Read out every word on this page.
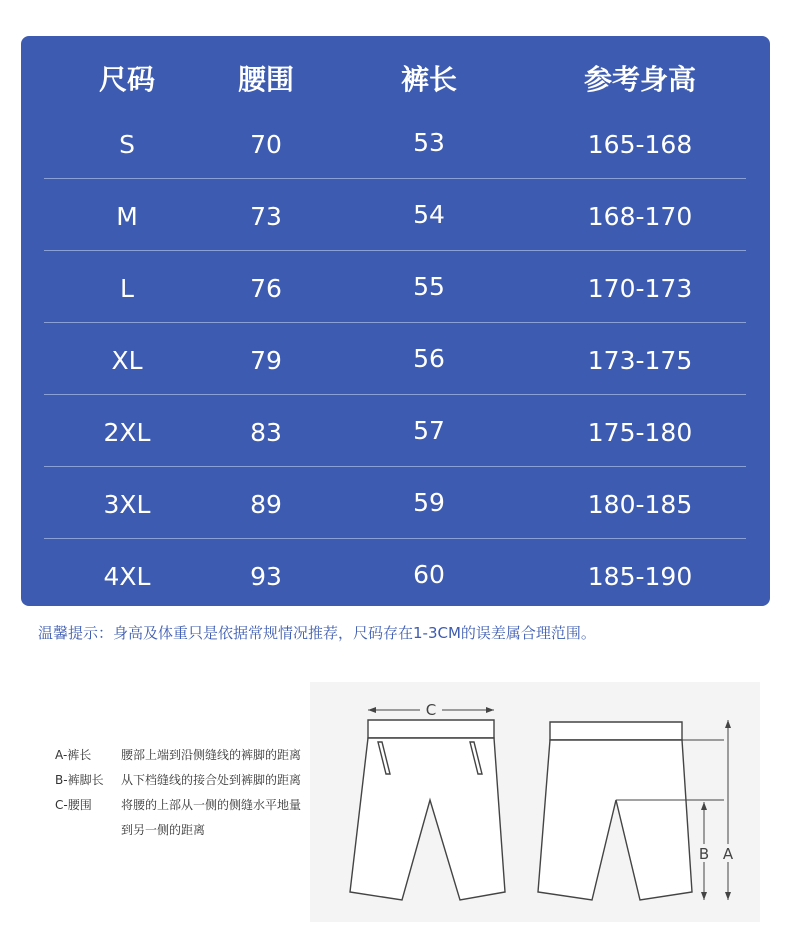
尺码	腰围	裤长	参考身高
S	70	53	165-168
M	73	54	168-170
L	76	55	170-173
XL	79	56	173-175
2XL	83	57	175-180
3XL	89	59	180-185
4XL	93	60	185-190
温馨提示：身高及体重只是依据常规情况推荐，尺码存在1-3CM的误差属合理范围。
A-裤长 腰部上端到沿侧缝线的裤脚的距离
B-裤脚长 从下档缝线的接合处到裤脚的距离
C-腰围 将腰的上部从一侧的侧缝水平地量
到另一侧的距离
C
A
B
